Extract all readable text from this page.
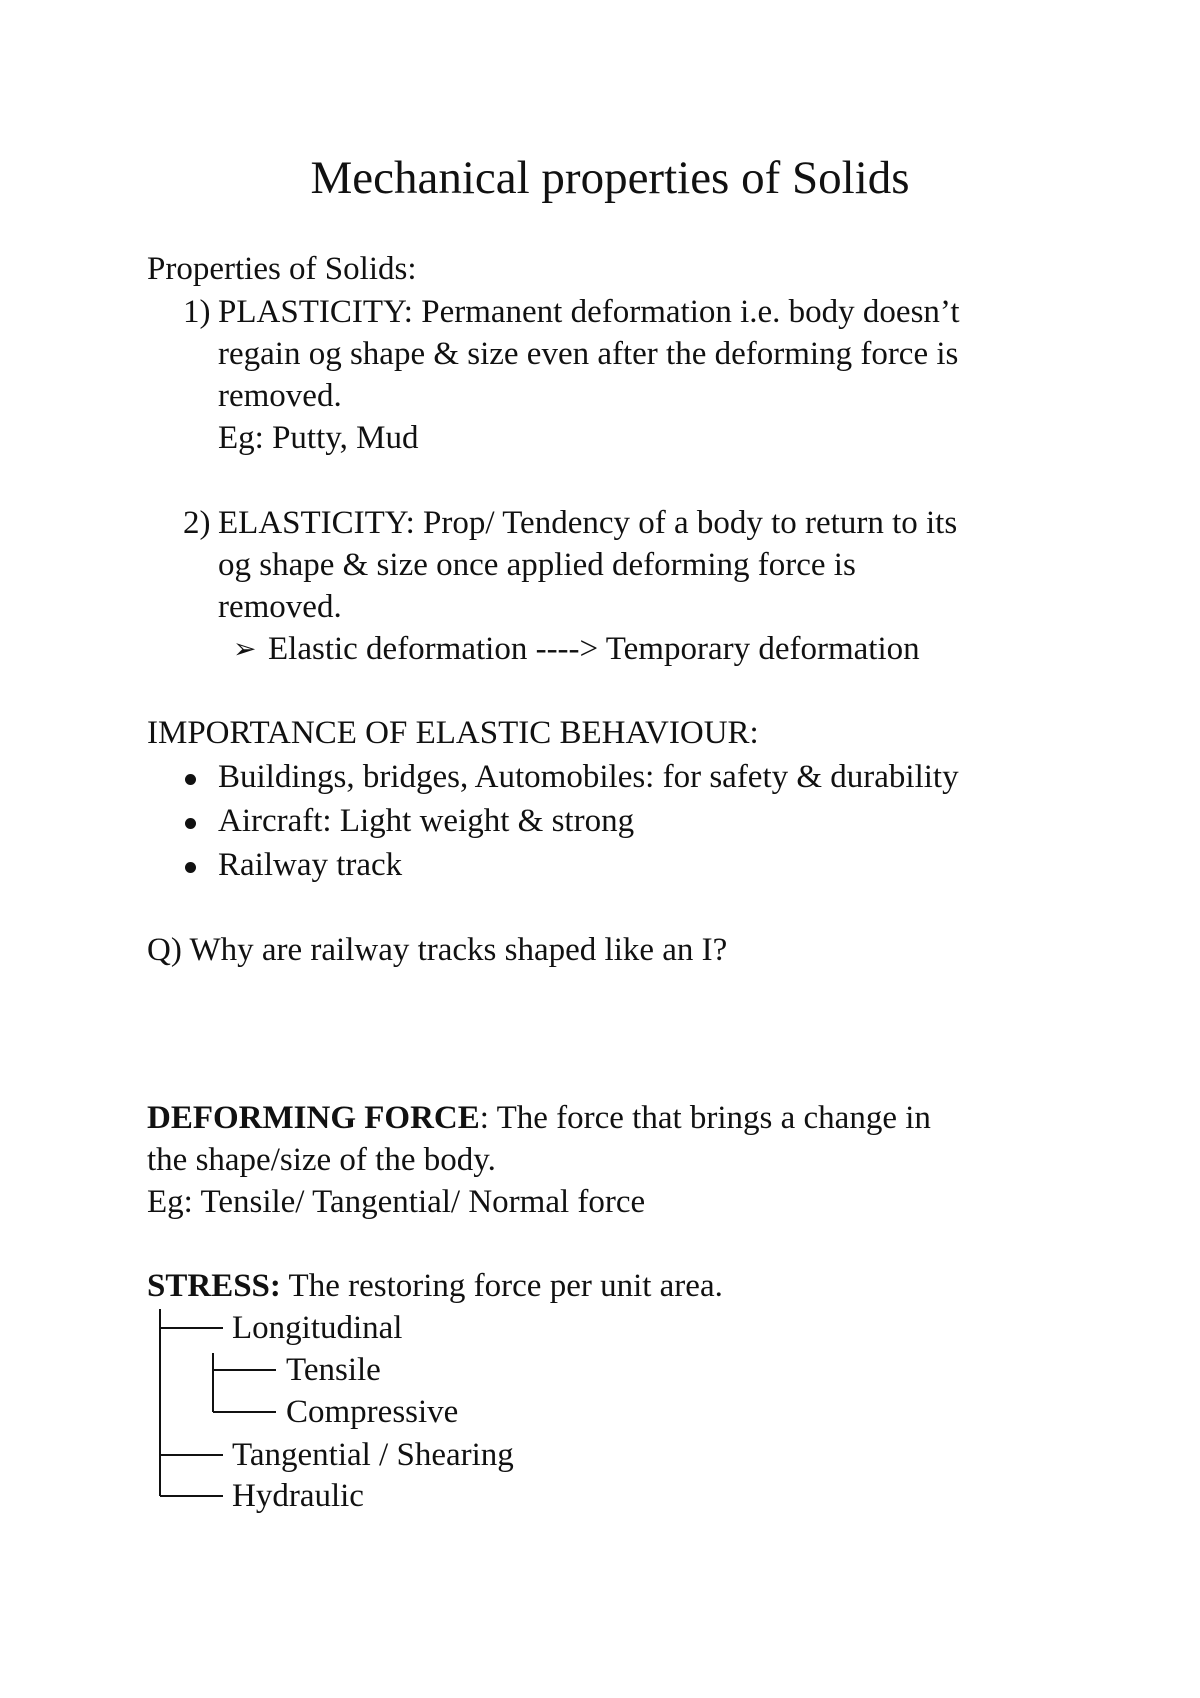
Mechanical properties of Solids
Properties of Solids:
1) PLASTICITY: Permanent deformation i.e. body doesn’t
regain og shape & size even after the deforming force is
removed.
Eg: Putty, Mud
2) ELASTICITY: Prop/ Tendency of a body to return to its
og shape & size once applied deforming force is
removed.
➢ Elastic deformation ----> Temporary deformation
IMPORTANCE OF ELASTIC BEHAVIOUR:
Buildings, bridges, Automobiles: for safety & durability
Aircraft: Light weight & strong
Railway track
Q) Why are railway tracks shaped like an I?
DEFORMING FORCE: The force that brings a change in
the shape/size of the body.
Eg: Tensile/ Tangential/ Normal force
STRESS: The restoring force per unit area.
Longitudinal
Tensile
Compressive
Tangential / Shearing
Hydraulic
